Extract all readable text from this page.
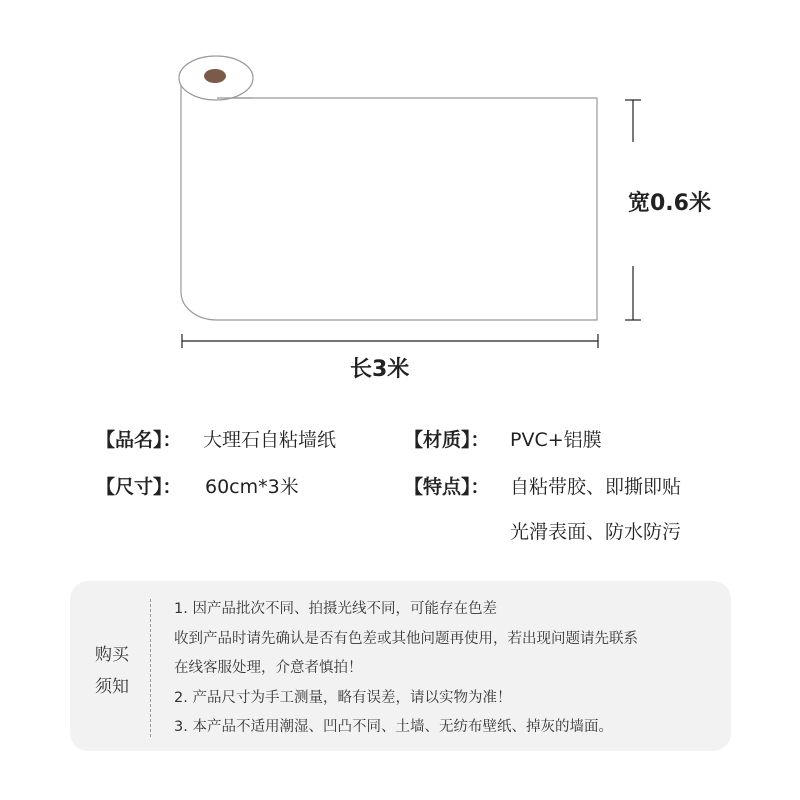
宽0.6米
长3米
【品名】： 大理石自粘墙纸	【材质】： PVC+铝膜
【尺寸】： 60cm*3米	【特点】： 自粘带胶、即撕即贴
光滑表面、防水防污
购买
须知
1. 因产品批次不同、拍摄光线不同，可能存在色差
收到产品时请先确认是否有色差或其他问题再使用，若出现问题请先联系
在线客服处理，介意者慎拍！
2. 产品尺寸为手工测量，略有误差，请以实物为准！
3. 本产品不适用潮湿、凹凸不同、土墙、无纺布壁纸、掉灰的墙面。
